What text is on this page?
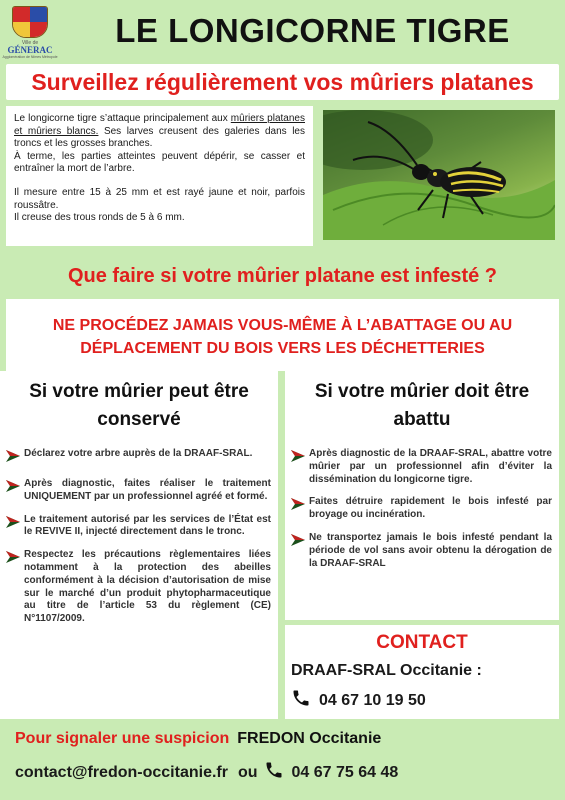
Ville de
GÉNERAC
Agglomération de Nîmes Métropole
LE LONGICORNE TIGRE
Surveillez régulièrement vos mûriers platanes

Le longicorne tigre s’attaque principalement aux mûriers platanes et mûriers blancs. Ses larves creusent des galeries dans les troncs et les grosses branches.

À terme, les parties atteintes peuvent dépérir, se casser et entraîner la mort de l’arbre.

Il mesure entre 15 à 25 mm et est rayé jaune et noir, parfois roussâtre.

Il creuse des trous ronds de 5 à 6 mm.

Que faire si votre mûrier platane est infesté ?
NE PROCÉDEZ JAMAIS VOUS-MÊME À L’ABATTAGE OU AU
DÉPLACEMENT DU BOIS VERS LES DÉCHETTERIES
Si votre mûrier peut être
conservé
Déclarez votre arbre auprès de la DRAAF-SRAL.
Après diagnostic, faites réaliser le traitement UNIQUEMENT par un professionnel agréé et formé.
Le traitement autorisé par les services de l’État est le REVIVE II, injecté directement dans le tronc.
Respectez les précautions règlementaires liées notamment à la protection des abeilles conformément à la décision d’autorisation de mise sur le marché d’un produit phytopharmaceutique au titre de l’article 53 du règlement (CE) N°1107/2009.
Si votre mûrier doit être
abattu
Après diagnostic de la DRAAF-SRAL, abattre votre mûrier par un professionnel afin d’éviter la dissémination du longicorne tigre.
Faites détruire rapidement le bois infesté par broyage ou incinération.
Ne transportez jamais le bois infesté pendant la période de vol sans avoir obtenu la dérogation de la DRAAF-SRAL
CONTACT
DRAAF-SRAL Occitanie :
04 67 10 19 50
Pour signaler une suspicion FREDON Occitanie
contact@fredon-occitanie.fr ou 04 67 75 64 48
